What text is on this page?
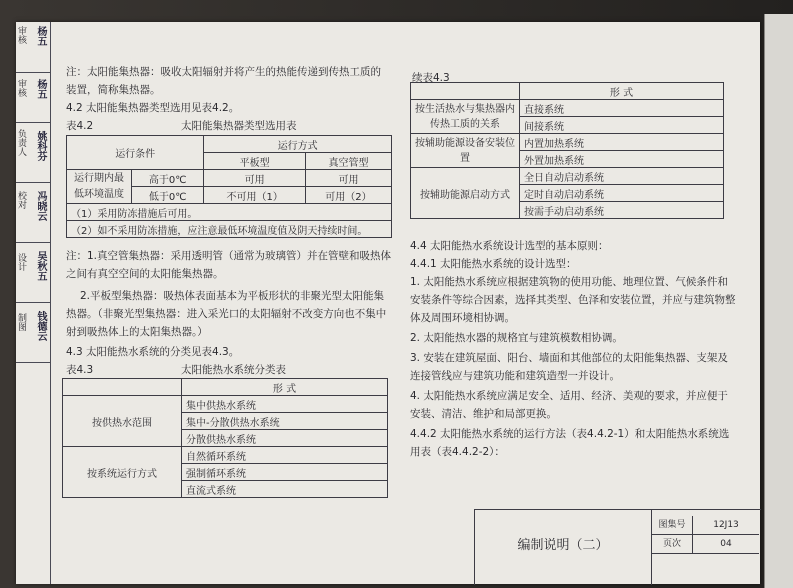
审核 杨五
审核 杨五
负责人 姚科芬
校对 冯晓云
设计 吴秋五
制图 钱德云
注：太阳能集热器：吸收太阳辐射并将产生的热能传递到传热工质的
装置，简称集热器。
4.2 太阳能集热器类型选用见表4.2。
表4.2	太阳能集热器类型选用表
运行条件		运行方式	
		平板型	真空管型
运行期内最低环境温度	高于0℃	可用	可用
	低于0℃	不可用（1）	可用（2）
（1）采用防冻措施后可用。			
（2）如不采用防冻措施，应注意最低环境温度值及阴天持续时间。			
注：1.真空管集热器：采用透明管（通常为玻璃管）并在管壁和吸热体
之间有真空空间的太阳能集热器。
2.平板型集热器：吸热体表面基本为平板形状的非聚光型太阳能集
热器。（非聚光型集热器：进入采光口的太阳辐射不改变方向也不集中
射到吸热体上的太阳集热器。）
4.3 太阳能热水系统的分类见表4.3。
表4.3	太阳能热水系统分类表
	形 式
按供热水范围	集中供热水系统
	集中-分散供热水系统
	分散供热水系统
按系统运行方式	自然循环系统
	强制循环系统
	直流式系统
续表4.3
	形 式
按生活热水与集热器内传热工质的关系	直接系统
	间接系统
按辅助能源设备安装位置	内置加热系统
	外置加热系统
按辅助能源启动方式	全日自动启动系统
	定时自动启动系统
	按需手动启动系统
4.4 太阳能热水系统设计选型的基本原则：
4.4.1 太阳能热水系统的设计选型：
1. 太阳能热水系统应根据建筑物的使用功能、地理位置、气候条件和
安装条件等综合因素，选择其类型、色泽和安装位置，并应与建筑物整
体及周围环境相协调。
2. 太阳能热水器的规格宜与建筑模数相协调。
3. 安装在建筑屋面、阳台、墙面和其他部位的太阳能集热器、支架及
连接管线应与建筑功能和建筑造型一并设计。
4. 太阳能热水系统应满足安全、适用、经济、美观的要求，并应便于
安装、清洁、维护和局部更换。
4.4.2 太阳能热水系统的运行方法（表4.4.2-1）和太阳能热水系统选
用表（表4.4.2-2）：
编制说明（二）
图集号	12J13
页次	04
